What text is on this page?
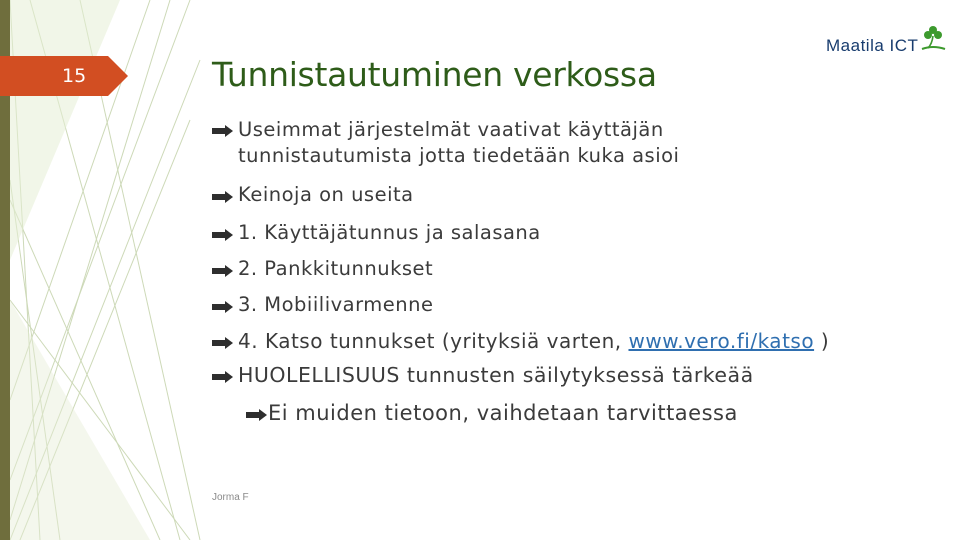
15
Maatila ICT
Tunnistautuminen verkossa
Useimmat järjestelmät vaativat käyttäjän
tunnistautumista jotta tiedetään kuka asioi
Keinoja on useita
1. Käyttäjätunnus ja salasana
2. Pankkitunnukset
3. Mobiilivarmenne
4. Katso tunnukset (yrityksiä varten, www.vero.fi/katso )
HUOLELLISUUS tunnusten säilytyksessä tärkeää
Ei muiden tietoon, vaihdetaan tarvittaessa
Jorma F
